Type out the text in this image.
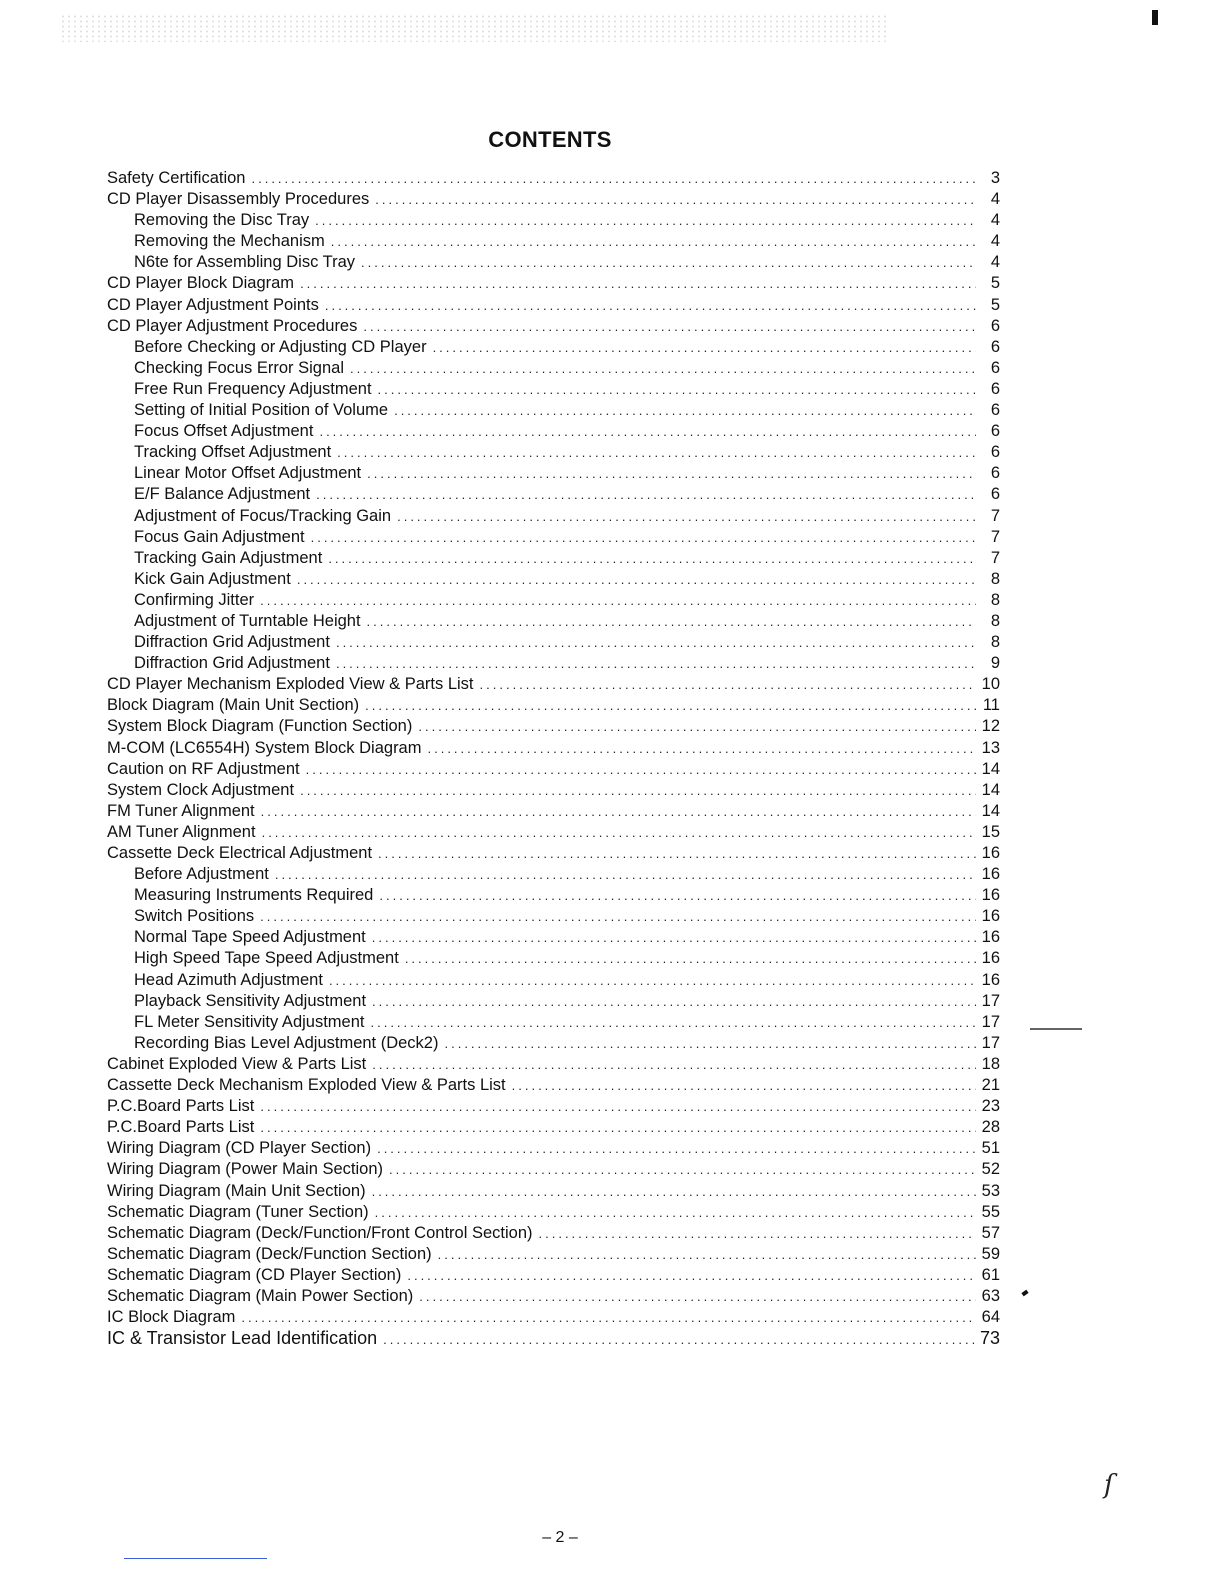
CONTENTS
Safety Certification .....	3
CD Player Disassembly Procedures .....	4
Removing the Disc Tray .....	4
Removing the Mechanism .....	4
N6te for Assembling Disc Tray .....	4
CD Player Block Diagram .....	5
CD Player Adjustment Points .....	5
CD Player Adjustment Procedures .....	6
Before Checking or Adjusting CD Player .....	6
Checking Focus Error Signal .....	6
Free Run Frequency Adjustment .....	6
Setting of Initial Position of Volume .....	6
Focus Offset Adjustment .....	6
Tracking Offset Adjustment .....	6
Linear Motor Offset Adjustment .....	6
E/F Balance Adjustment .....	6
Adjustment of Focus/Tracking Gain .....	7
Focus Gain Adjustment .....	7
Tracking Gain Adjustment .....	7
Kick Gain Adjustment .....	8
Confirming Jitter .....	8
Adjustment of Turntable Height .....	8
Diffraction Grid Adjustment .....	8
Diffraction Grid Adjustment .....	9
CD Player Mechanism Exploded View & Parts List .....	10
Block Diagram (Main Unit Section) .....	11
System Block Diagram (Function Section) .....	12
M-COM (LC6554H) System Block Diagram .....	13
Caution on RF Adjustment .....	14
System Clock Adjustment .....	14
FM Tuner Alignment .....	14
AM Tuner Alignment .....	15
Cassette Deck Electrical Adjustment .....	16
Before Adjustment .....	16
Measuring Instruments Required .....	16
Switch Positions .....	16
Normal Tape Speed Adjustment .....	16
High Speed Tape Speed Adjustment .....	16
Head Azimuth Adjustment .....	16
Playback Sensitivity Adjustment .....	17
FL Meter Sensitivity Adjustment .....	17
Recording Bias Level Adjustment (Deck2) .....	17
Cabinet Exploded View & Parts List .....	18
Cassette Deck Mechanism Exploded View & Parts List .....	21
P.C.Board Parts List .....	23
P.C.Board Parts List .....	28
Wiring Diagram (CD Player Section) .....	51
Wiring Diagram (Power Main Section) .....	52
Wiring Diagram (Main Unit Section) .....	53
Schematic Diagram (Tuner Section) .....	55
Schematic Diagram (Deck/Function/Front Control Section) .....	57
Schematic Diagram (Deck/Function Section) .....	59
Schematic Diagram (CD Player Section) .....	61
Schematic Diagram (Main Power Section) .....	63
IC Block Diagram .....	64
IC & Transistor Lead Identification .....	73
– 2 –
ſ
